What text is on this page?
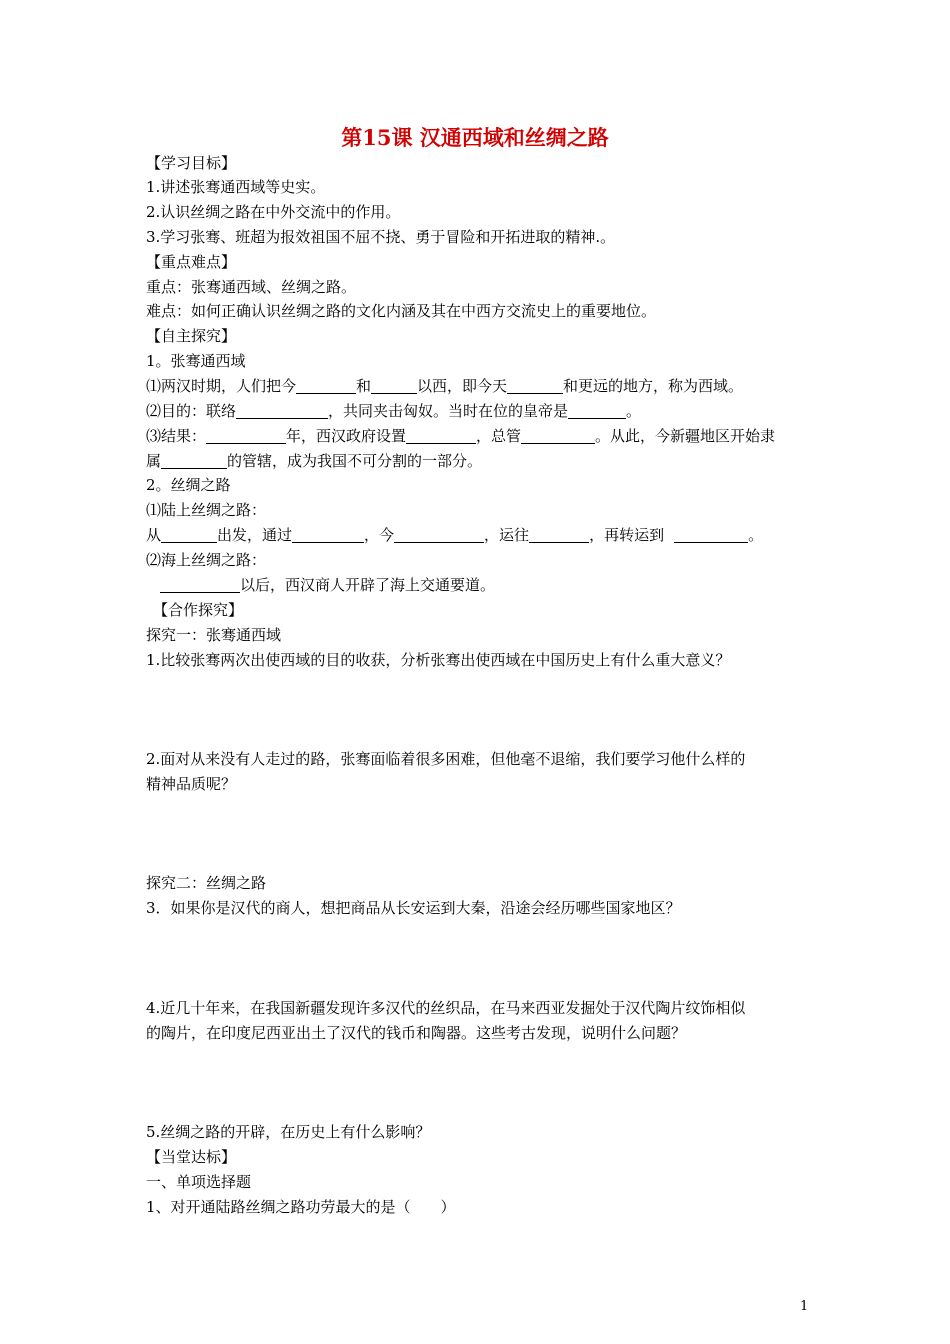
第15课 汉通西域和丝绸之路
【学习目标】
1.讲述张骞通西域等史实。
2.认识丝绸之路在中外交流中的作用。
3.学习张骞、班超为报效祖国不屈不挠、勇于冒险和开拓进取的精神.。
【重点难点】
重点：张骞通西域、丝绸之路。
难点：如何正确认识丝绸之路的文化内涵及其在中西方交流史上的重要地位。
【自主探究】
1。张骞通西域
⑴两汉时期，人们把今	和	以西，即今天	和更远的地方，称为西域。
⑵目的：联络	，共同夹击匈奴。当时在位的皇帝是	。
⑶结果：	年，西汉政府设置	，总管	。从此，今新疆地区开始隶
属	的管辖，成为我国不可分割的一部分。
2。丝绸之路
⑴陆上丝绸之路：
从	出发，通过	，今	，运往	，再转运到	。
⑵海上丝绸之路：
以后，西汉商人开辟了海上交通要道。
【合作探究】
探究一：张骞通西域
1.比较张骞两次出使西域的目的收获，分析张骞出使西域在中国历史上有什么重大意义？
2.面对从来没有人走过的路，张骞面临着很多困难，但他毫不退缩，我们要学习他什么样的
精神品质呢？
探究二：丝绸之路
3．如果你是汉代的商人，想把商品从长安运到大秦，沿途会经历哪些国家地区？
4.近几十年来，在我国新疆发现许多汉代的丝织品，在马来西亚发掘处于汉代陶片纹饰相似
的陶片，在印度尼西亚出土了汉代的钱币和陶器。这些考古发现，说明什么问题？
5.丝绸之路的开辟，在历史上有什么影响？
【当堂达标】
一、单项选择题
1、对开通陆路丝绸之路功劳最大的是（　　）
1
